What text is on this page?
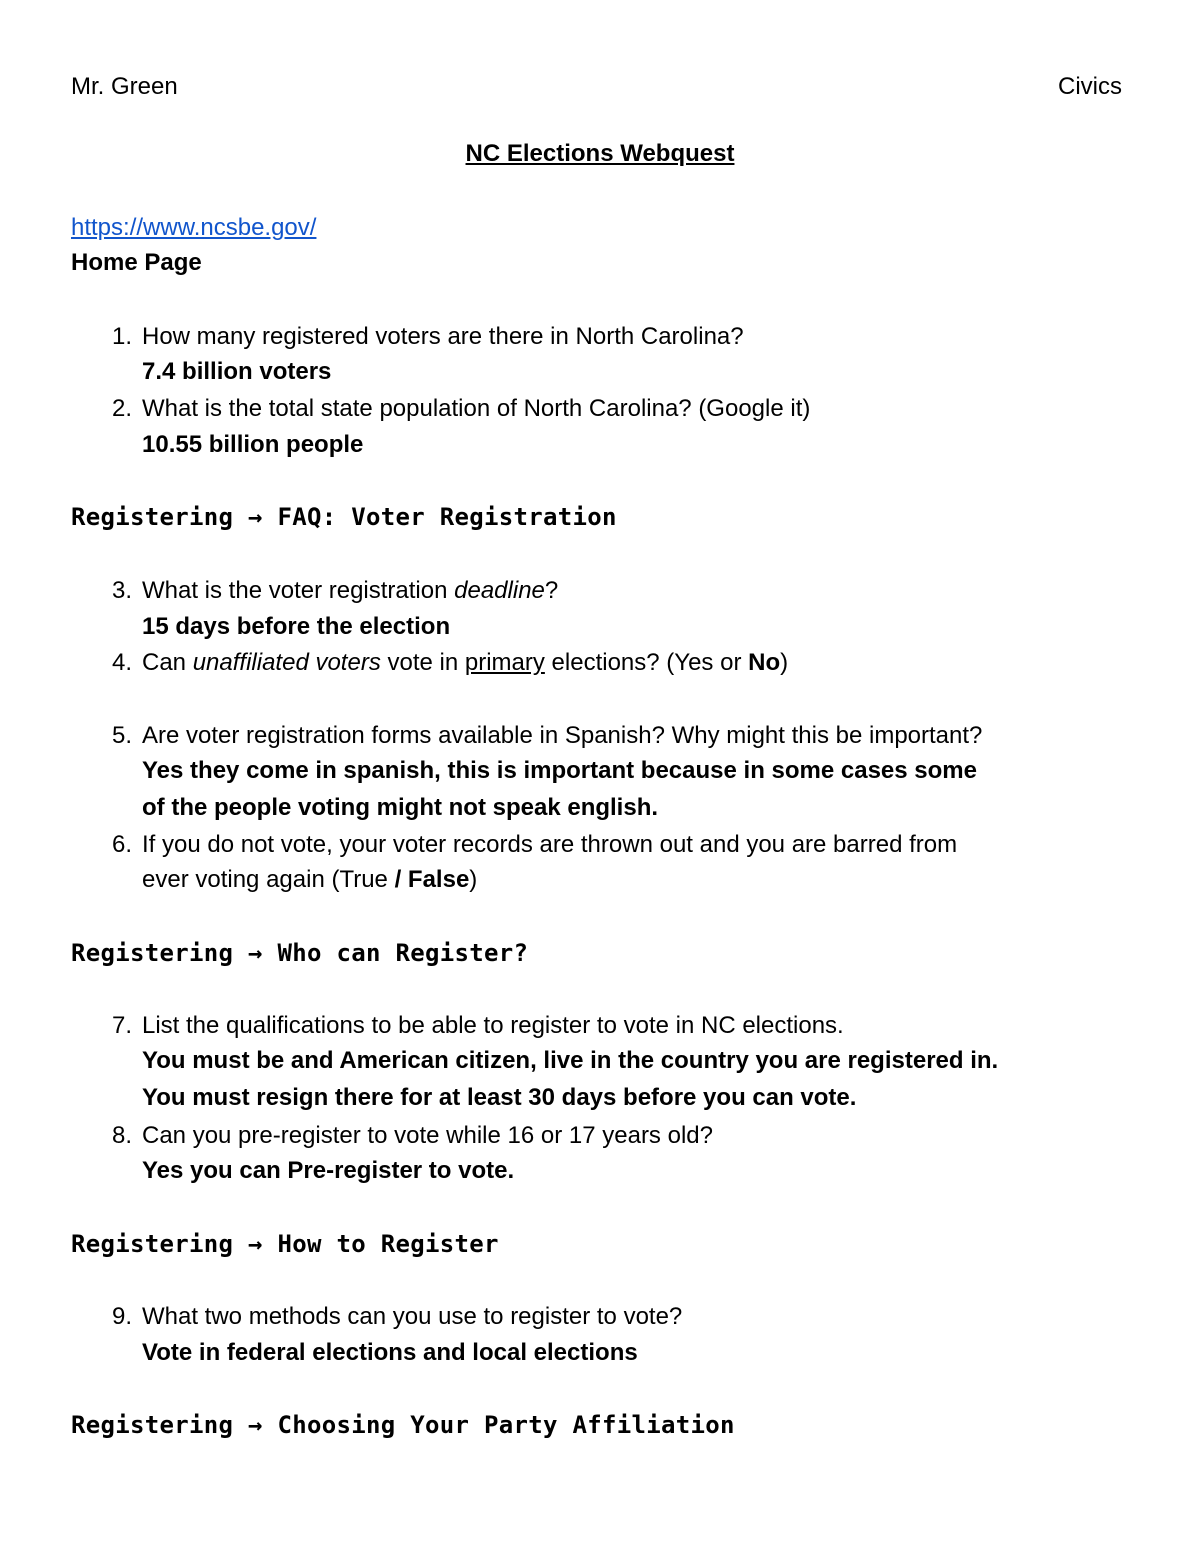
Mr. Green	Civics
NC Elections Webquest
https://www.ncsbe.gov/
Home Page
1. How many registered voters are there in North Carolina?
7.4 billion voters
2. What is the total state population of North Carolina? (Google it)
10.55 billion people
Registering → FAQ: Voter Registration
3. What is the voter registration deadline?
15 days before the election
4. Can unaffiliated voters vote in primary elections? (Yes or No)
5. Are voter registration forms available in Spanish? Why might this be important?
Yes they come in spanish, this is important because in some cases some
of the people voting might not speak english.
6. If you do not vote, your voter records are thrown out and you are barred from
ever voting again (True / False)
Registering → Who can Register?
7. List the qualifications to be able to register to vote in NC elections.
You must be and American citizen, live in the country you are registered in.
You must resign there for at least 30 days before you can vote.
8. Can you pre-register to vote while 16 or 17 years old?
Yes you can Pre-register to vote.
Registering → How to Register
9. What two methods can you use to register to vote?
Vote in federal elections and local elections
Registering → Choosing Your Party Affiliation
